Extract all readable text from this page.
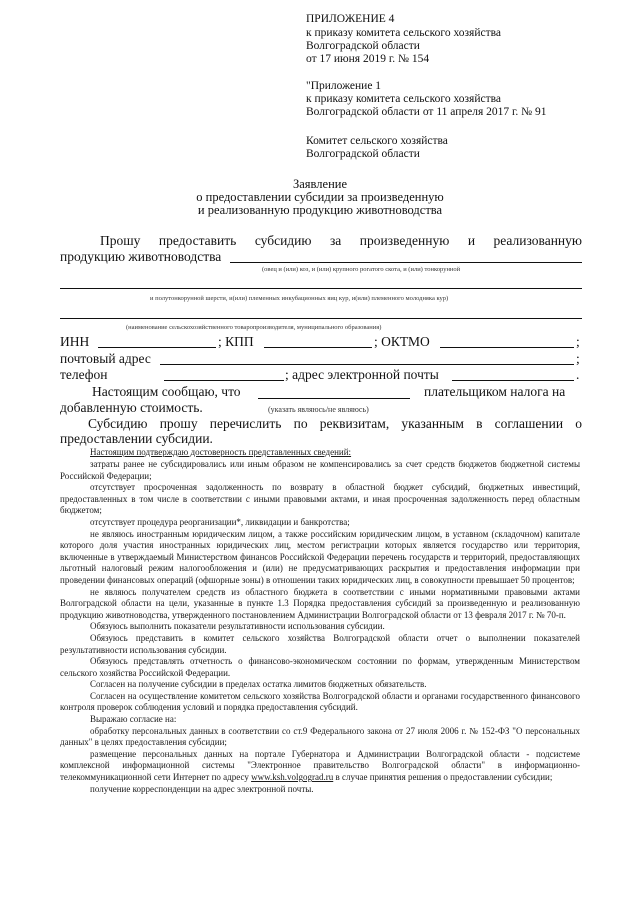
ПРИЛОЖЕНИЕ 4
к приказу комитета сельского хозяйства
Волгоградской области
от 17 июня 2019 г. № 154
"Приложение 1
к приказу комитета сельского хозяйства
Волгоградской области от 11 апреля 2017 г. № 91
Комитет сельского хозяйства
Волгоградской области
Заявление
о предоставлении субсидии за произведенную
и реализованную продукцию животноводства
Прошу предоставить субсидию за произведенную и реализованную
продукцию животноводства
(овец и (или) коз, и (или) крупного рогатого скота, и (или) тонкорунной
и полутонкорунной шерсти, и(или) племенных инкубационных яиц кур, и(или) племенного молодняка кур)
(наименование сельскохозяйственного товаропроизводителя, муниципального образования)
ИНН	; КПП	; ОКТМО	;
почтовый адрес	;
телефон	; адрес электронной почты	.
Настоящим сообщаю, что	плательщиком налога на
добавленную стоимость.	(указать являюсь/не являюсь)
Субсидию прошу перечислить по реквизитам, указанным в соглашении о
предоставлении субсидии.
Настоящим подтверждаю достоверность представленных сведений:
затраты ранее не субсидировались или иным образом не компенсировались за счет средств бюджетов бюджетной системы Российской Федерации;
отсутствует просроченная задолженность по возврату в областной бюджет субсидий, бюджетных инвестиций, предоставленных в том числе в соответствии с иными правовыми актами, и иная просроченная задолженность перед областным бюджетом;
отсутствует процедура реорганизации*, ликвидации и банкротства;
не являюсь иностранным юридическим лицом, а также российским юридическим лицом, в уставном (складочном) капитале которого доля участия иностранных юридических лиц, местом регистрации которых является государство или территория, включенные в утверждаемый Министерством финансов Российской Федерации перечень государств и территорий, предоставляющих льготный налоговый режим налогообложения и (или) не предусматривающих раскрытия и предоставления информации при проведении финансовых операций (офшорные зоны) в отношении таких юридических лиц, в совокупности превышает 50 процентов;
не являюсь получателем средств из областного бюджета в соответствии с иными нормативными правовыми актами Волгоградской области на цели, указанные в пункте 1.3 Порядка предоставления субсидий за произведенную и реализованную продукцию животноводства, утвержденного постановлением Администрации Волгоградской области от 13 февраля 2017 г. № 70-п.
Обязуюсь выполнить показатели результативности использования субсидии.
Обязуюсь представить в комитет сельского хозяйства Волгоградской области отчет о выполнении показателей результативности использования субсидии.
Обязуюсь представлять отчетность о финансово-экономическом состоянии по формам, утвержденным Министерством сельского хозяйства Российской Федерации.
Согласен на получение субсидии в пределах остатка лимитов бюджетных обязательств.
Согласен на осуществление комитетом сельского хозяйства Волгоградской области и органами государственного финансового контроля проверок соблюдения условий и порядка предоставления субсидий.
Выражаю согласие на:
обработку персональных данных в соответствии со ст.9 Федерального закона от 27 июля 2006 г. № 152-ФЗ "О персональных данных" в целях предоставления субсидии;
размещение персональных данных на портале Губернатора и Администрации Волгоградской области - подсистеме комплексной информационной системы "Электронное правительство Волгоградской области" в информационно-телекоммуникационной сети Интернет по адресу www.ksh.volgograd.ru в случае принятия решения о предоставлении субсидии;
получение корреспонденции на адрес электронной почты.
